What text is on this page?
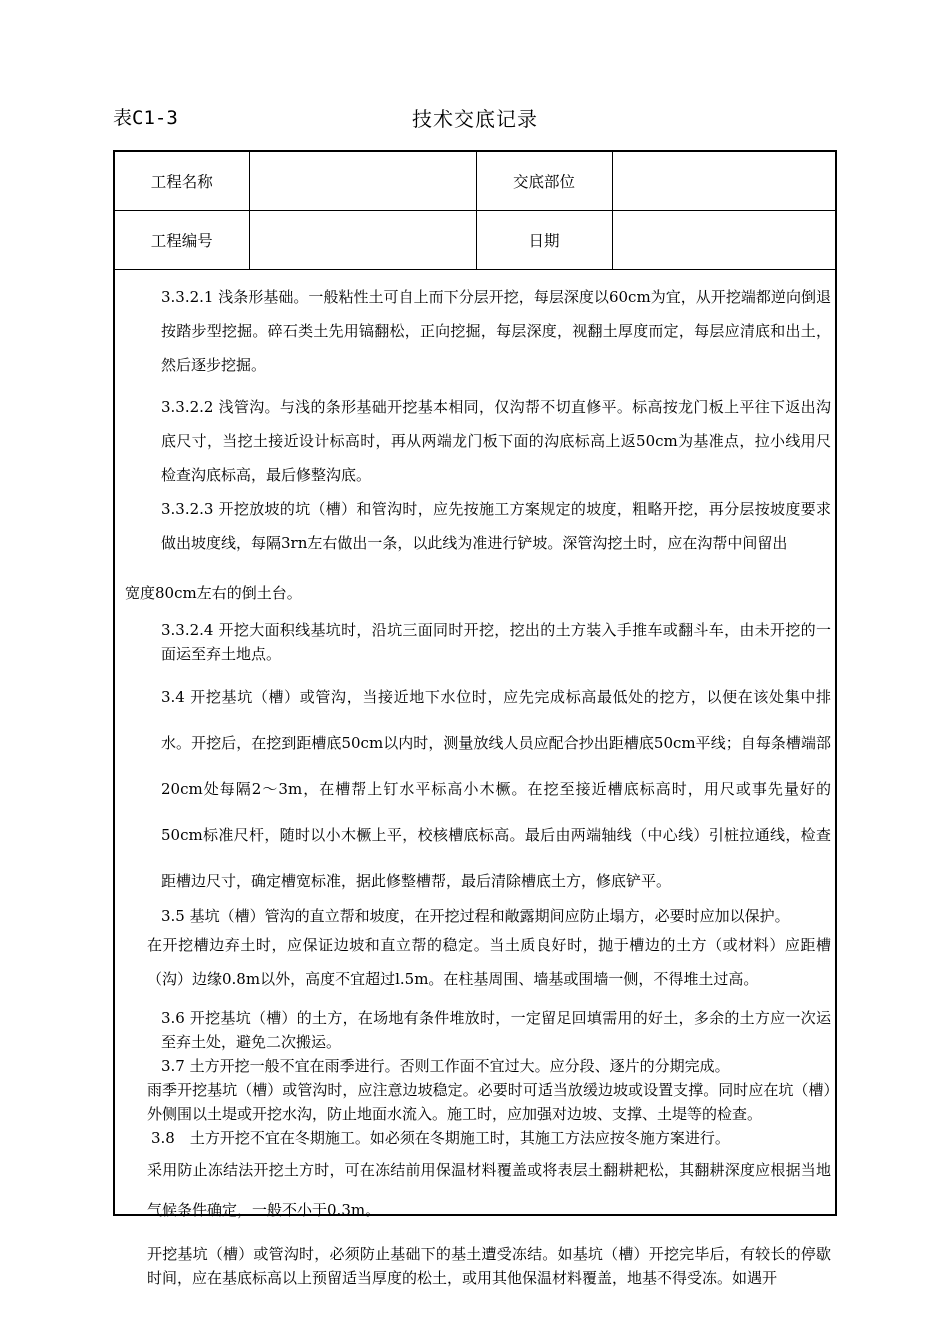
表C1-3	技术交底记录
工程名称		交底部位	
工程编号		日期	

3.3.2.1 浅条形基础。一般粘性土可自上而下分层开挖，每层深度以60cm为宜，从开挖端都逆向倒退按踏步型挖掘。碎石类土先用镐翻松，正向挖掘，每层深度，视翻土厚度而定，每层应清底和出土，然后逐步挖掘。

3.3.2.2 浅管沟。与浅的条形基础开挖基本相同，仅沟帮不切直修平。标高按龙门板上平往下返出沟底尺寸，当挖土接近设计标高时，再从两端龙门板下面的沟底标高上返50cm为基准点，拉小线用尺检查沟底标高，最后修整沟底。

3.3.2.3 开挖放坡的坑（槽）和管沟时，应先按施工方案规定的坡度，粗略开挖，再分层按坡度要求做出坡度线，每隔3rn左右做出一条，以此线为准进行铲坡。深管沟挖土时，应在沟帮中间留出

宽度80cm左右的倒土台。

3.3.2.4 开挖大面积线基坑时，沿坑三面同时开挖，挖出的土方装入手推车或翻斗车，由未开挖的一面运至弃土地点。

3.4 开挖基坑（槽）或管沟，当接近地下水位时，应先完成标高最低处的挖方，以便在该处集中排水。开挖后，在挖到距槽底50cm以内时，测量放线人员应配合抄出距槽底50cm平线；自每条槽端部20cm处每隔2～3m，在槽帮上钉水平标高小木橛。在挖至接近槽底标高时，用尺或事先量好的50cm标准尺杆，随时以小木橛上平，校核槽底标高。最后由两端轴线（中心线）引桩拉通线，检查距槽边尺寸，确定槽宽标准，据此修整槽帮，最后清除槽底土方，修底铲平。

3.5 基坑（槽）管沟的直立帮和坡度，在开挖过程和敞露期间应防止塌方，必要时应加以保护。

在开挖槽边弃土时，应保证边坡和直立帮的稳定。当土质良好时，抛于槽边的土方（或材料）应距槽（沟）边缘0.8m以外，高度不宜超过l.5m。在柱基周围、墙基或围墙一侧，不得堆土过高。

3.6 开挖基坑（槽）的土方，在场地有条件堆放时，一定留足回填需用的好土，多余的土方应一次运至弃土处，避免二次搬运。

3.7 土方开挖一般不宜在雨季进行。否则工作面不宜过大。应分段、逐片的分期完成。

雨季开挖基坑（槽）或管沟时，应注意边坡稳定。必要时可适当放缓边坡或设置支撑。同时应在坑（槽）外侧围以土堤或开挖水沟，防止地面水流入。施工时，应加强对边坡、支撑、土堤等的检查。

3.8　土方开挖不宜在冬期施工。如必须在冬期施工时，其施工方法应按冬施方案进行。

采用防止冻结法开挖土方时，可在冻结前用保温材料覆盖或将表层土翻耕耙松，其翻耕深度应根据当地气候条件确定，一般不小于0.3m。

开挖基坑（槽）或管沟时，必须防止基础下的基土遭受冻结。如基坑（槽）开挖完毕后，有较长的停歇时间，应在基底标高以上预留适当厚度的松土，或用其他保温材料覆盖，地基不得受冻。如遇开
